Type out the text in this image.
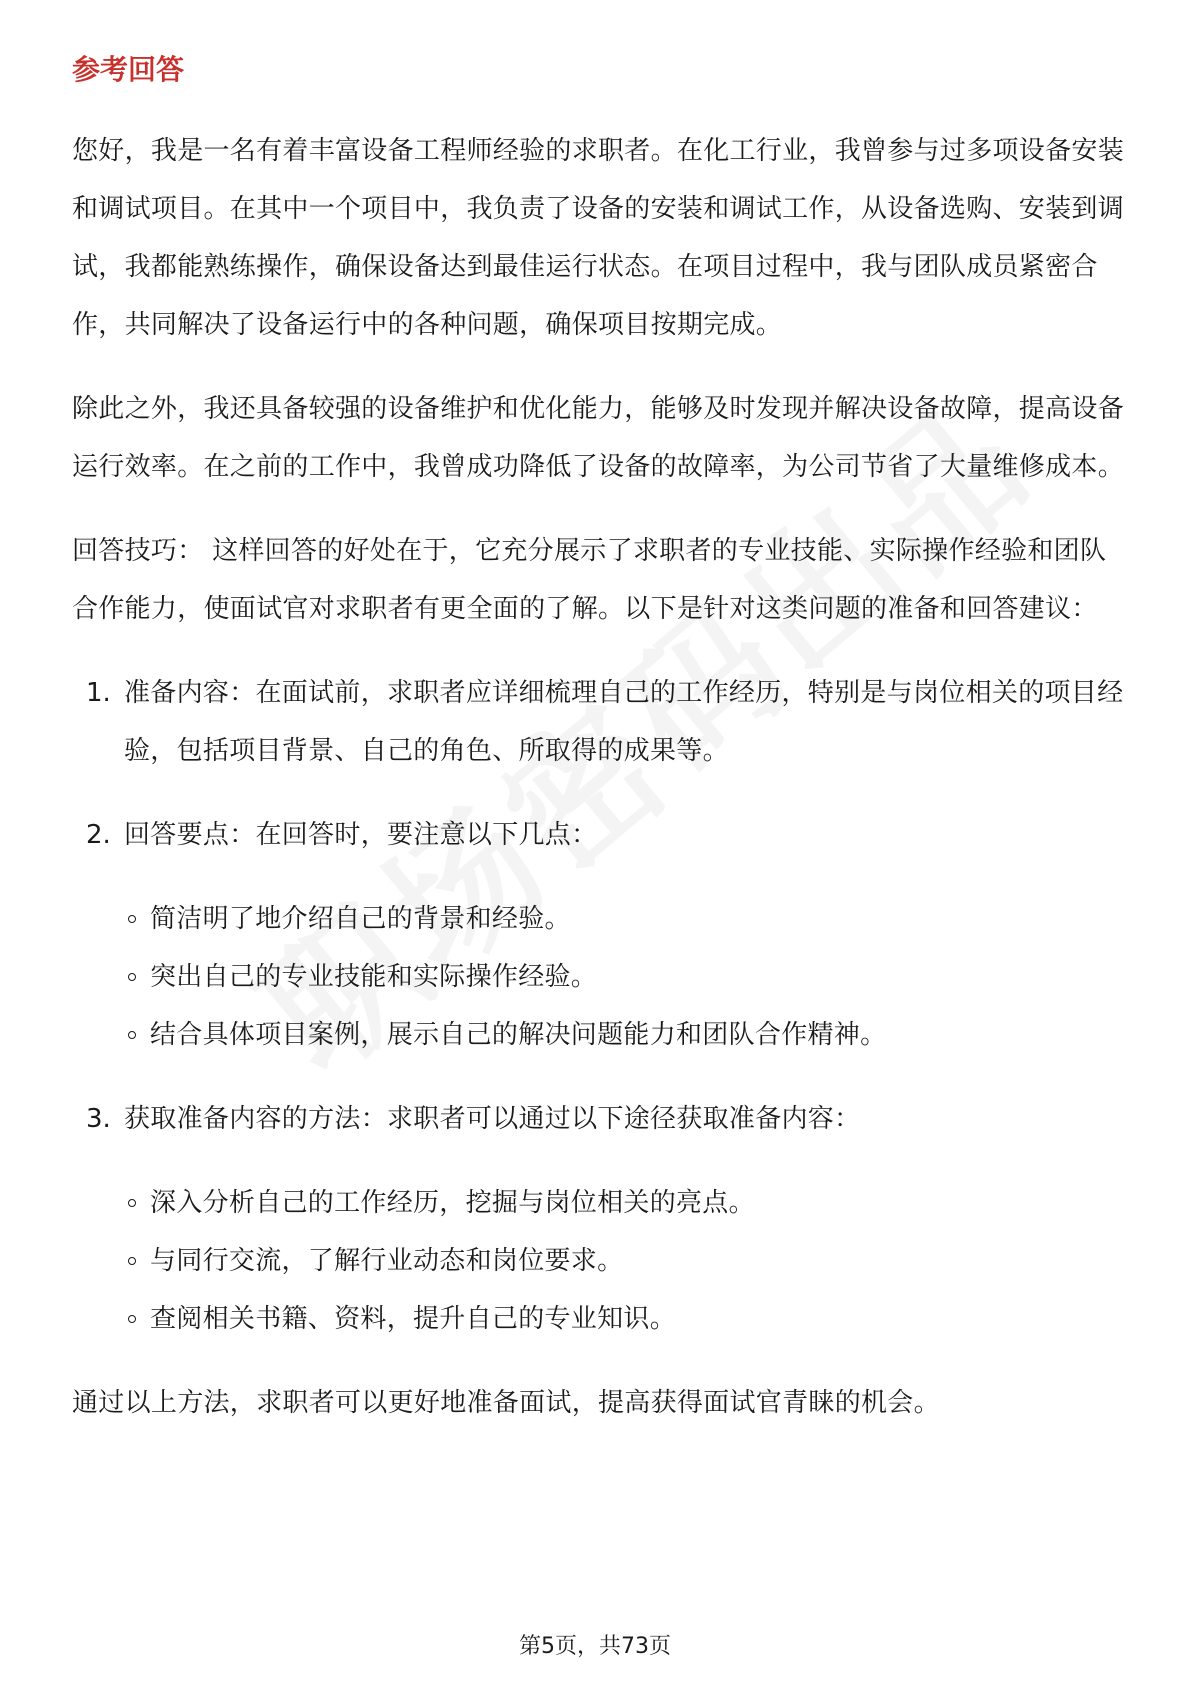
参考回答

您好，我是一名有着丰富设备工程师经验的求职者。在化工行业，我曾参与过多项设备安装和调试项目。在其中一个项目中，我负责了设备的安装和调试工作，从设备选购、安装到调试，我都能熟练操作，确保设备达到最佳运行状态。在项目过程中，我与团队成员紧密合作，共同解决了设备运行中的各种问题，确保项目按期完成。

除此之外，我还具备较强的设备维护和优化能力，能够及时发现并解决设备故障，提高设备运行效率。在之前的工作中，我曾成功降低了设备的故障率，为公司节省了大量维修成本。

回答技巧： 这样回答的好处在于，它充分展示了求职者的专业技能、实际操作经验和团队合作能力，使面试官对求职者有更全面的了解。以下是针对这类问题的准备和回答建议：

1. 准备内容：在面试前，求职者应详细梳理自己的工作经历，特别是与岗位相关的项目经验，包括项目背景、自己的角色、所取得的成果等。
2. 回答要点：在回答时，要注意以下几点：
简洁明了地介绍自己的背景和经验。
突出自己的专业技能和实际操作经验。
结合具体项目案例，展示自己的解决问题能力和团队合作精神。
3. 获取准备内容的方法：求职者可以通过以下途径获取准备内容：
深入分析自己的工作经历，挖掘与岗位相关的亮点。
与同行交流，了解行业动态和岗位要求。
查阅相关书籍、资料，提升自己的专业知识。

通过以上方法，求职者可以更好地准备面试，提高获得面试官青睐的机会。

第5页，共73页
